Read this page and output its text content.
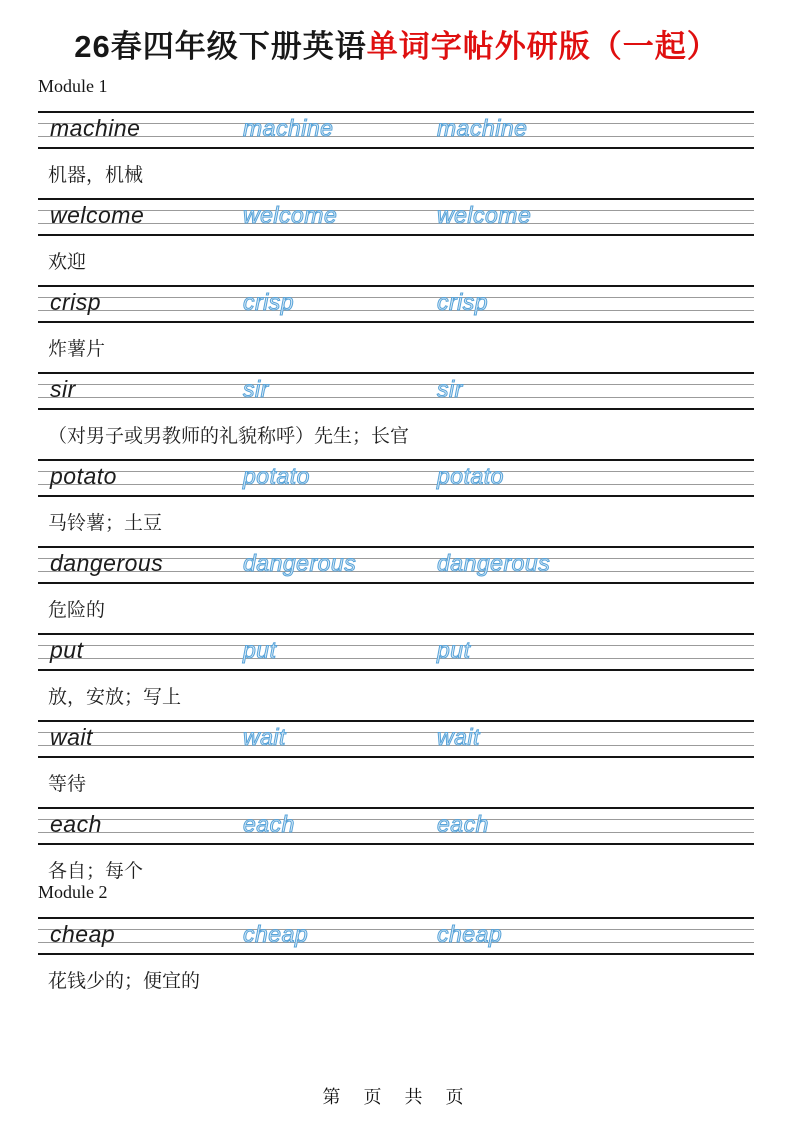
26春四年级下册英语单词字帖外研版（一起）
Module 1
machine	machine	machine
机器，机械
welcome	welcome	welcome
欢迎
crisp	crisp	crisp
炸薯片
sir	sir	sir
（对男子或男教师的礼貌称呼）先生；长官
potato	potato	potato
马铃薯；土豆
dangerous	dangerous	dangerous
危险的
put	put	put
放，安放；写上
wait	wait	wait
等待
each	each	each
各自；每个
Module 2
cheap	cheap	cheap
花钱少的；便宜的
第 页 共 页
